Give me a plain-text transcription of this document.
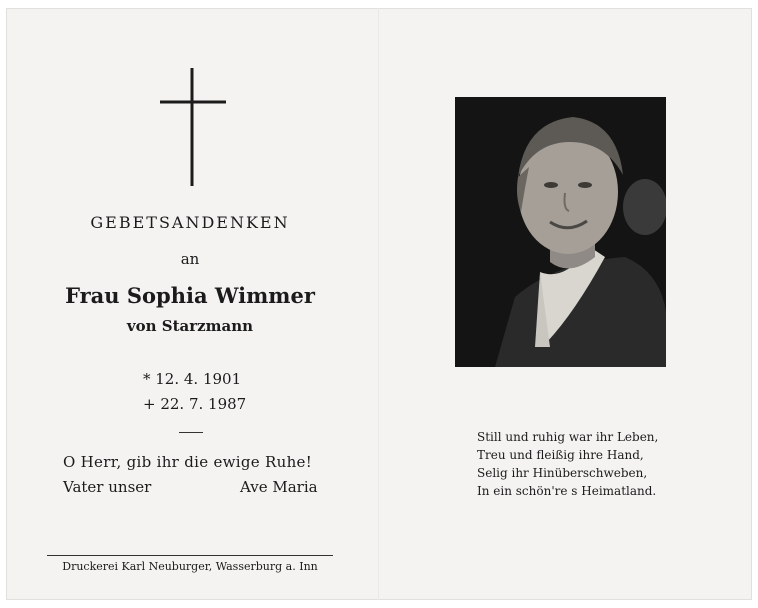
GEBETSANDENKEN
an
Frau Sophia Wimmer
von Starzmann
* 12. 4. 1901
+ 22. 7. 1987
O Herr, gib ihr die ewige Ruhe!
Vater unser	Ave Maria
Druckerei Karl Neuburger, Wasserburg a. Inn
Still und ruhig war ihr Leben,
Treu und fleißig ihre Hand,
Selig ihr Hinüberschweben,
In ein schön're s Heimatland.
